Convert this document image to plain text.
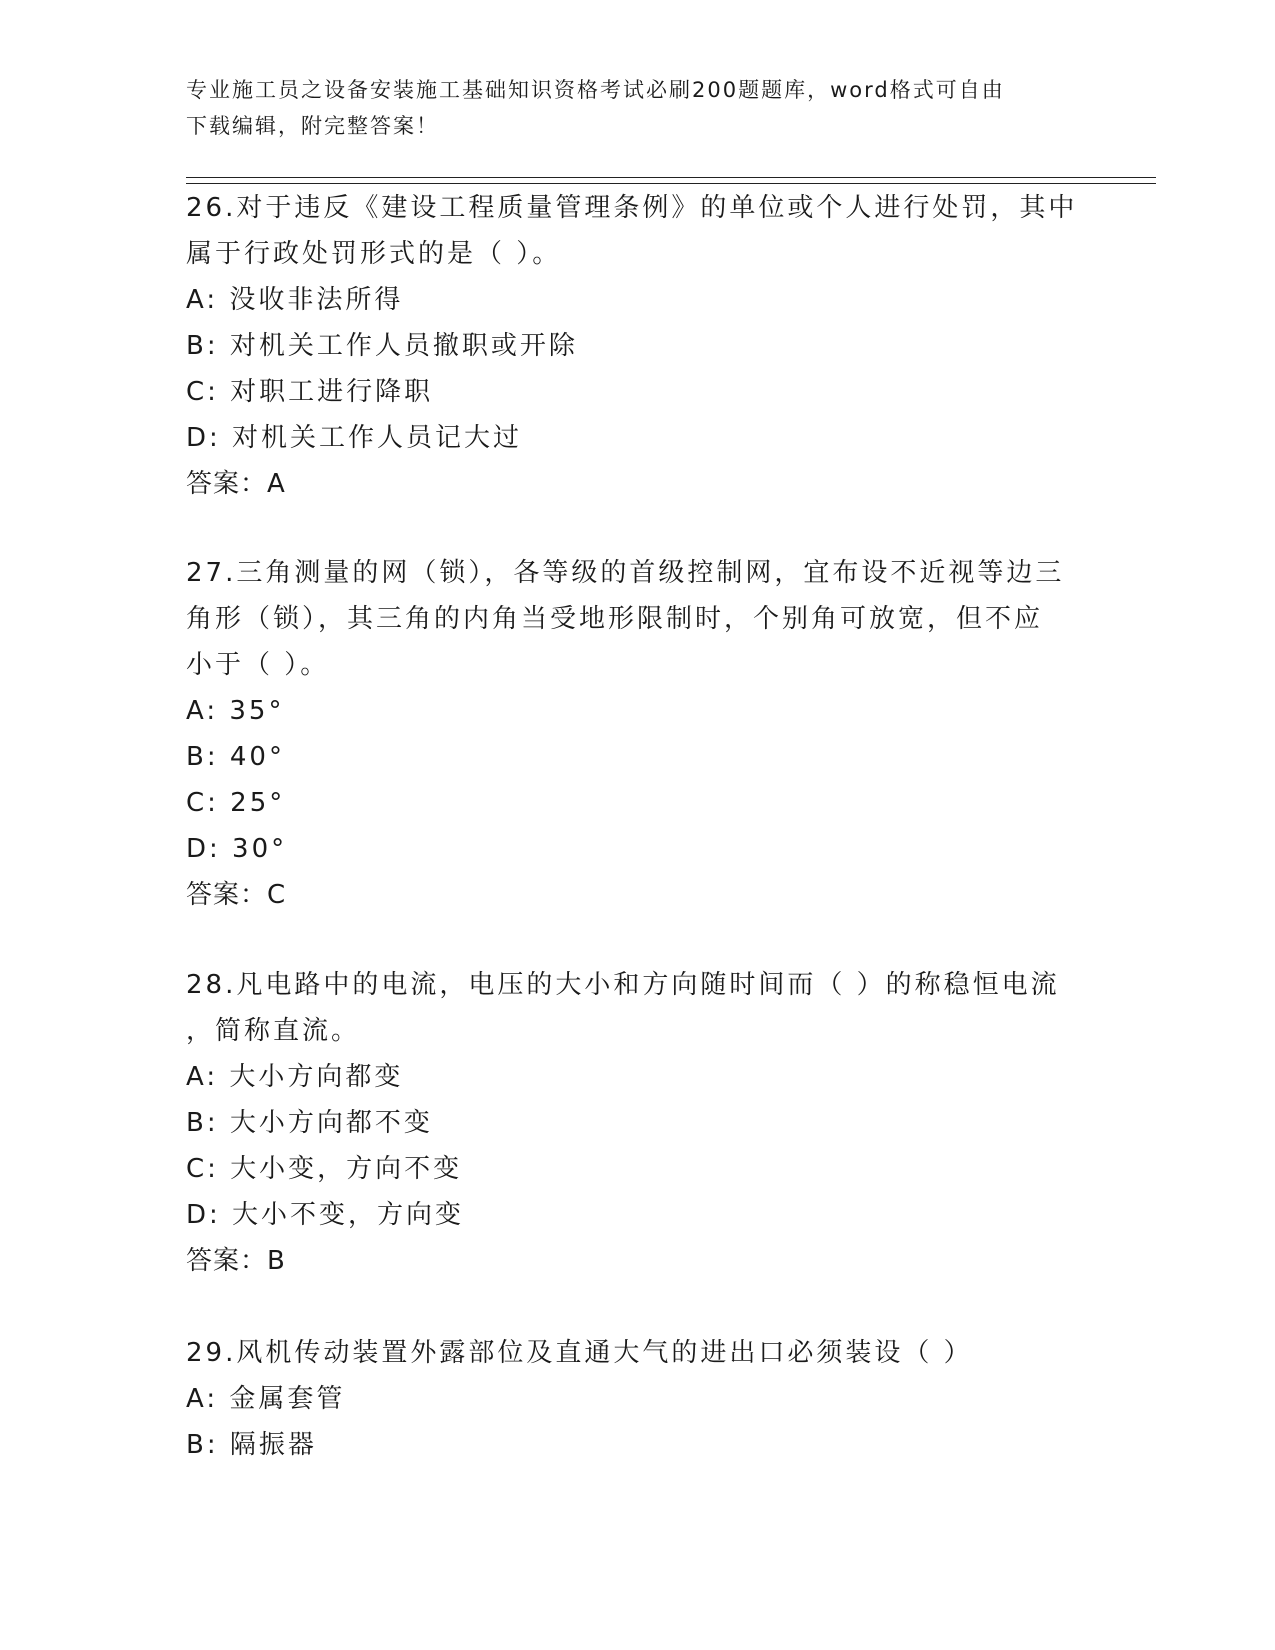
专业施工员之设备安装施工基础知识资格考试必刷200题题库，word格式可自由
下载编辑，附完整答案！
26.对于违反《建设工程质量管理条例》的单位或个人进行处罚，其中
属于行政处罚形式的是（ ）。
A: 没收非法所得
B: 对机关工作人员撤职或开除
C: 对职工进行降职
D: 对机关工作人员记大过
答案：A
27.三角测量的网（锁），各等级的首级控制网，宜布设不近视等边三
角形（锁），其三角的内角当受地形限制时，个别角可放宽，但不应
小于（ ）。
A: 35°
B: 40°
C: 25°
D: 30°
答案：C
28.凡电路中的电流，电压的大小和方向随时间而（ ）的称稳恒电流
，简称直流。
A: 大小方向都变
B: 大小方向都不变
C: 大小变，方向不变
D: 大小不变，方向变
答案：B
29.风机传动装置外露部位及直通大气的进出口必须装设（ ）
A: 金属套管
B: 隔振器
